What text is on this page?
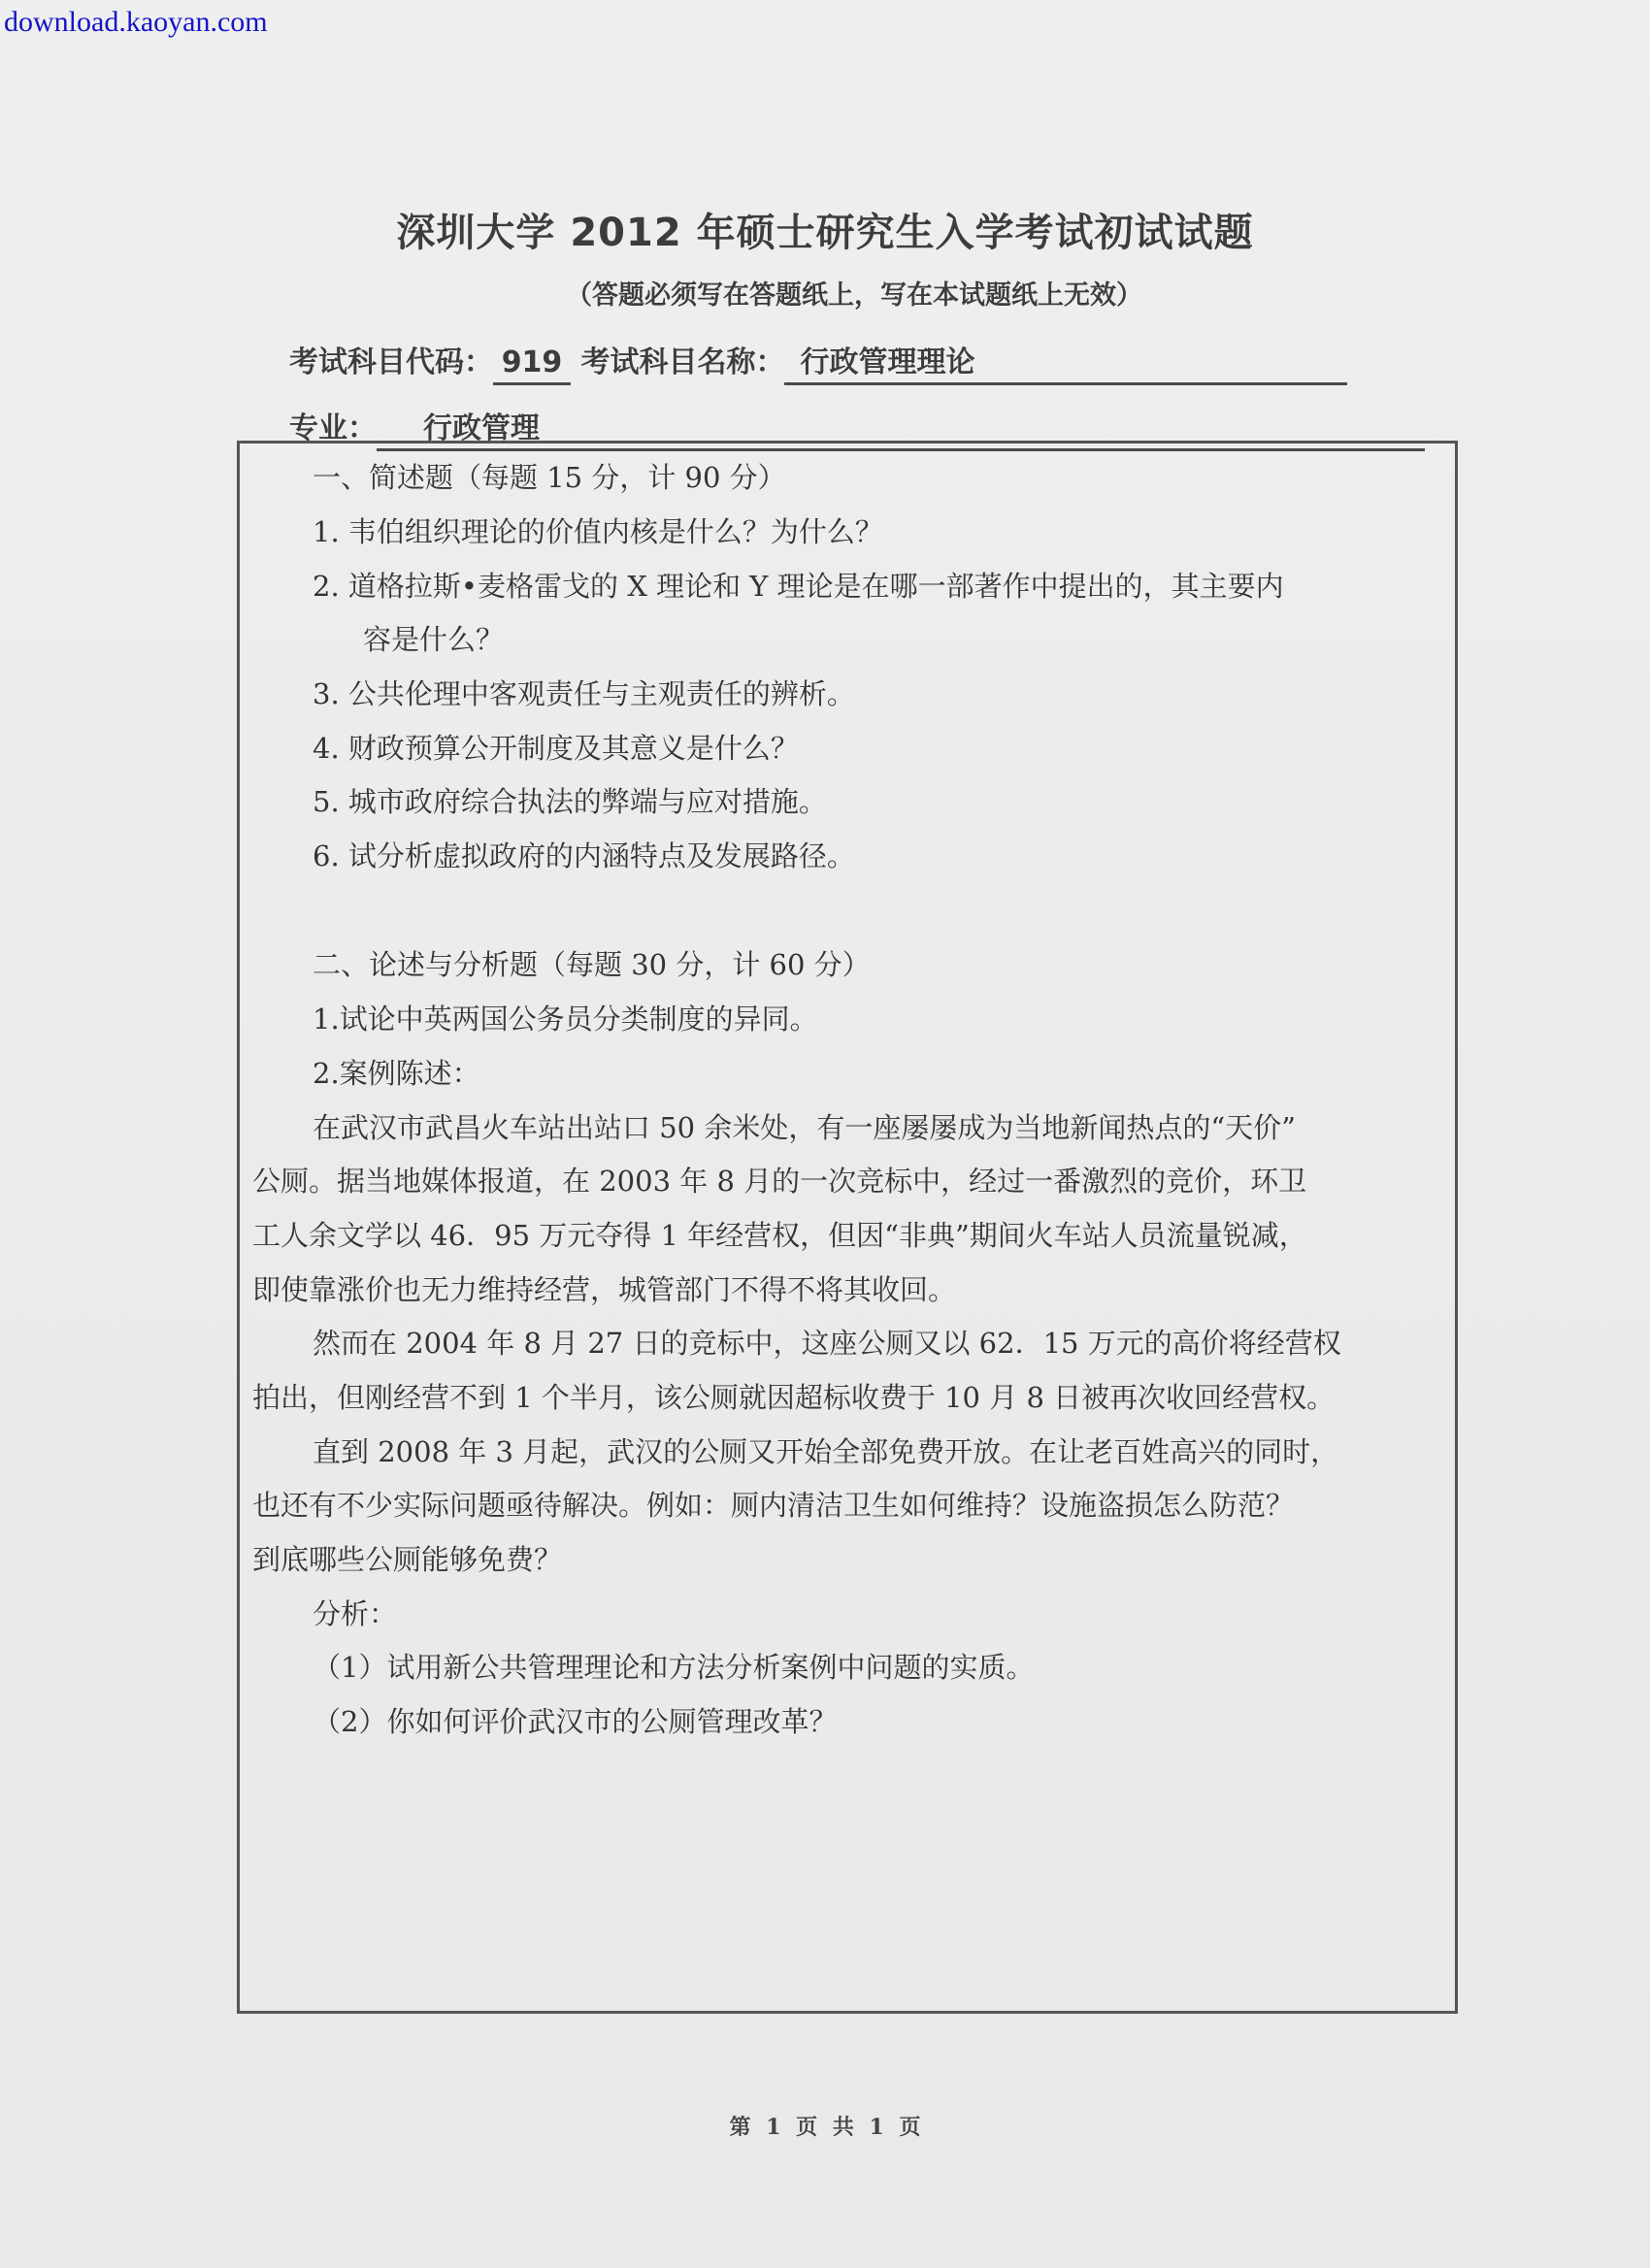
download.kaoyan.com
深圳大学 2012 年硕士研究生入学考试初试试题
（答题必须写在答题纸上，写在本试题纸上无效）
考试科目代码： 919 考试科目名称： 行政管理理论
专业： 行政管理
一、简述题（每题 15 分，计 90 分）
1. 韦伯组织理论的价值内核是什么？为什么？
2. 道格拉斯•麦格雷戈的 X 理论和 Y 理论是在哪一部著作中提出的，其主要内
容是什么？
3. 公共伦理中客观责任与主观责任的辨析。
4. 财政预算公开制度及其意义是什么？
5. 城市政府综合执法的弊端与应对措施。
6. 试分析虚拟政府的内涵特点及发展路径。
二、论述与分析题（每题 30 分，计 60 分）
1.试论中英两国公务员分类制度的异同。
2.案例陈述：
在武汉市武昌火车站出站口 50 余米处，有一座屡屡成为当地新闻热点的“天价”
公厕。据当地媒体报道，在 2003 年 8 月的一次竞标中，经过一番激烈的竞价，环卫
工人余文学以 46．95 万元夺得 1 年经营权，但因“非典”期间火车站人员流量锐减，
即使靠涨价也无力维持经营，城管部门不得不将其收回。
然而在 2004 年 8 月 27 日的竞标中，这座公厕又以 62．15 万元的高价将经营权
拍出，但刚经营不到 1 个半月，该公厕就因超标收费于 10 月 8 日被再次收回经营权。
直到 2008 年 3 月起，武汉的公厕又开始全部免费开放。在让老百姓高兴的同时，
也还有不少实际问题亟待解决。例如：厕内清洁卫生如何维持？设施盗损怎么防范？
到底哪些公厕能够免费？
分析：
（1）试用新公共管理理论和方法分析案例中问题的实质。
（2）你如何评价武汉市的公厕管理改革？
第 1 页 共 1 页
